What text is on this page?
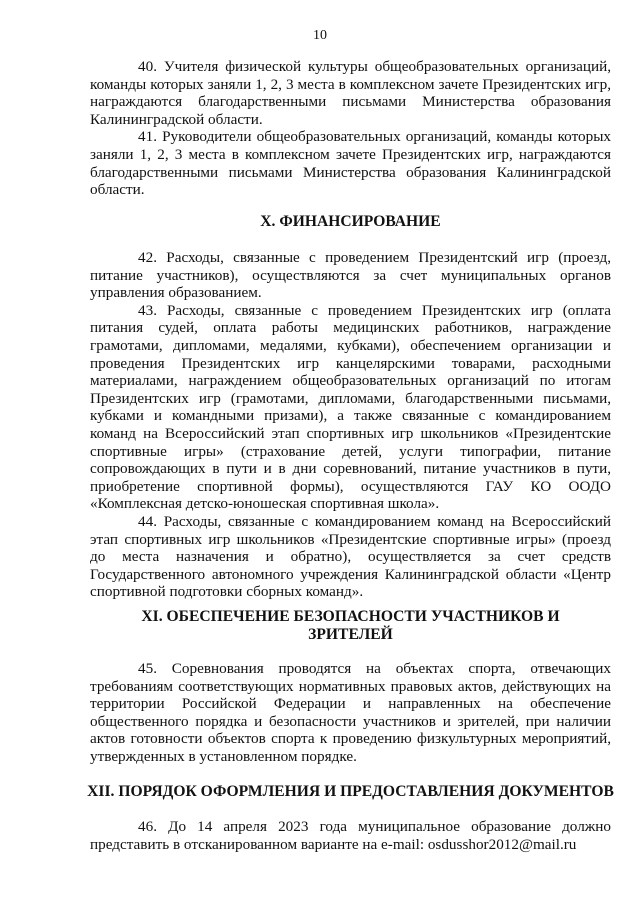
10

40. Учителя физической культуры общеобразовательных организаций, команды которых заняли 1, 2, 3 места в комплексном зачете Президентских игр, награждаются благодарственными письмами Министерства образования Калининградской области.

41. Руководители общеобразовательных организаций, команды которых заняли 1, 2, 3 места в комплексном зачете Президентских игр, награждаются благодарственными письмами Министерства образования Калининградской области.

X. ФИНАНСИРОВАНИЕ

42. Расходы, связанные с проведением Президентский игр (проезд, питание участников), осуществляются за счет муниципальных органов управления образованием.

43. Расходы, связанные с проведением Президентских игр (оплата питания судей, оплата работы медицинских работников, награждение грамотами, дипломами, медалями, кубками), обеспечением организации и проведения Президентских игр канцелярскими товарами, расходными материалами, награждением общеобразовательных организаций по итогам Президентских игр (грамотами, дипломами, благодарственными письмами, кубками и командными призами), а также связанные с командированием команд на Всероссийский этап спортивных игр школьников «Президентские спортивные игры» (страхование детей, услуги типографии, питание сопровождающих в пути и в дни соревнований, питание участников в пути, приобретение спортивной формы), осуществляются ГАУ КО ООДО «Комплексная детско-юношеская спортивная школа».

44. Расходы, связанные с командированием команд на Всероссийский этап спортивных игр школьников «Президентские спортивные игры» (проезд до места назначения и обратно), осуществляется за счет средств Государственного автономного учреждения Калининградской области «Центр спортивной подготовки сборных команд».

XI. ОБЕСПЕЧЕНИЕ БЕЗОПАСНОСТИ УЧАСТНИКОВ И
ЗРИТЕЛЕЙ

45. Соревнования проводятся на объектах спорта, отвечающих требованиям соответствующих нормативных правовых актов, действующих на территории Российской Федерации и направленных на обеспечение общественного порядка и безопасности участников и зрителей, при наличии актов готовности объектов спорта к проведению физкультурных мероприятий, утвержденных в установленном порядке.

XII. ПОРЯДОК ОФОРМЛЕНИЯ И ПРЕДОСТАВЛЕНИЯ ДОКУМЕНТОВ

46. До 14 апреля 2023 года муниципальное образование должно представить в отсканированном варианте на e-mail: osdusshor2012@mail.ru
